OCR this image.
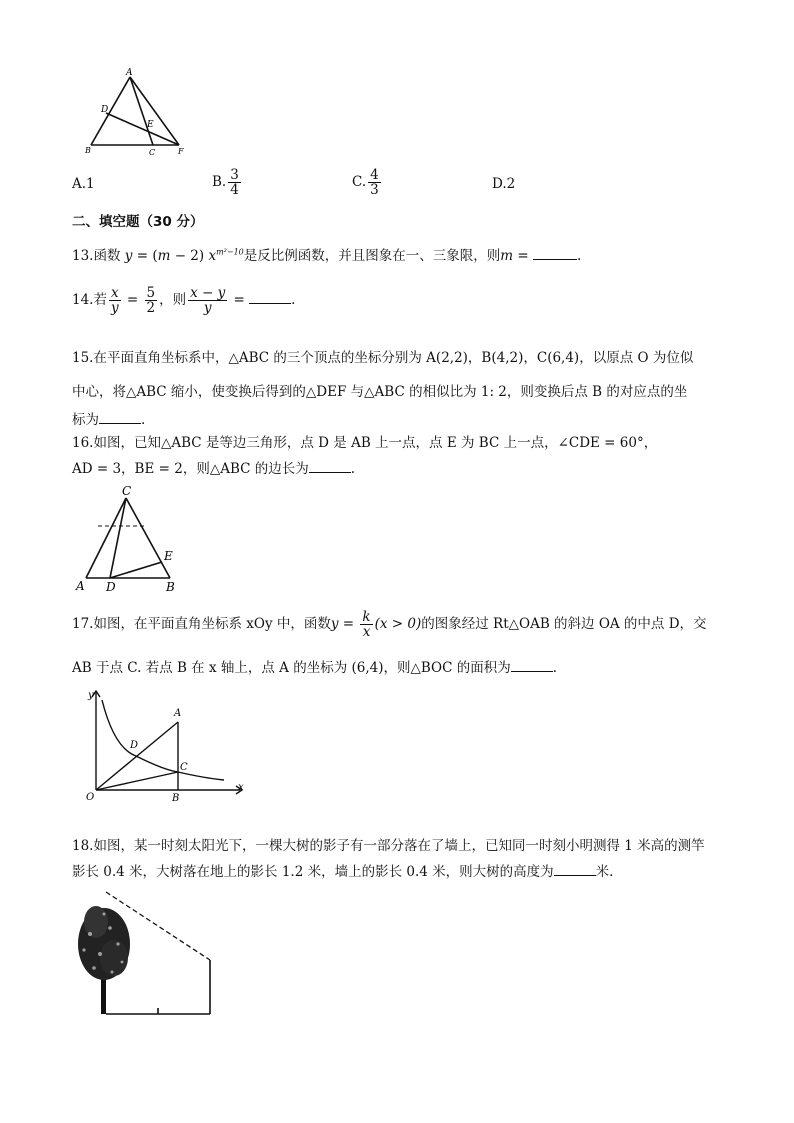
A
D
E
B	C	F
A.1	B. $\frac{3}{4}$	C. $\frac{4}{3}$	D.2
二、填空题（30 分）
13.函数 y = (m − 2) $x^{m^2-10}$是反比例函数，并且图象在一、三象限，则m =	.
14.若 $\frac{x}{y} = \frac{5}{2}$ ，则 $\frac{x - y}{y}$ =	.
15.在平面直角坐标系中，△ABC 的三个顶点的坐标分别为 A(2,2)，B(4,2)，C(6,4)，以原点 O 为位似
中心，将△ABC 缩小，使变换后得到的△DEF 与△ABC 的相似比为 1: 2，则变换后点 B 的对应点的坐
标为	.
16.如图，已知△ABC 是等边三角形，点 D 是 AB 上一点，点 E 为 BC 上一点，∠CDE = 60°，
AD = 3，BE = 2，则△ABC 的边长为	.
C
E
A D	B
17.如图，在平面直角坐标系 xOy 中，函数$y = \frac{k}{x} (x > 0)$的图象经过 Rt△OAB 的斜边 OA 的中点 D，交
AB 于点 C. 若点 B 在 x 轴上，点 A 的坐标为 (6,4)，则△BOC 的面积为	.
y
A
D
C
O	B
x
18.如图，某一时刻太阳光下，一棵大树的影子有一部分落在了墙上，已知同一时刻小明测得 1 米高的测竿
影长 0.4 米，大树落在地上的影长 1.2 米，墙上的影长 0.4 米，则大树的高度为	米.
